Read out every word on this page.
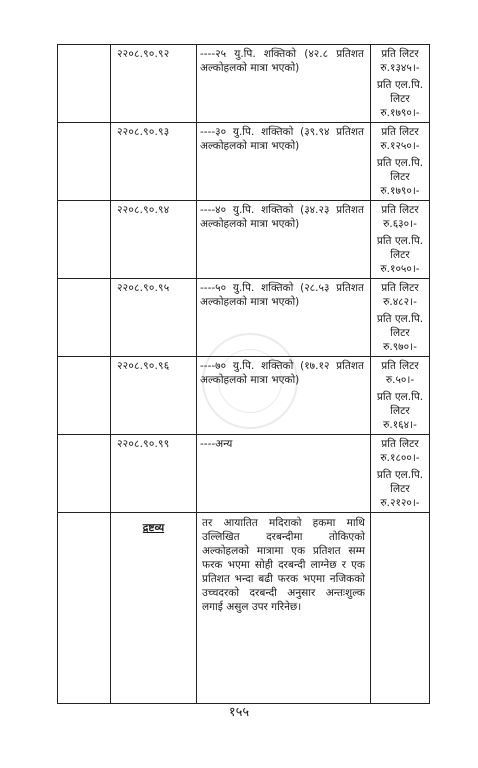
	२२०८.९०.९२	----२५ यु.पि. शक्तिको (४२.८ प्रतिशत अल्कोहलको मात्रा भएको)	प्रति लिटर
रु.१३४५।-
प्रति एल.पि.
लिटर
रु.१७९०।-

	२२०८.९०.९३	----३० यु.पि. शक्तिको (३९.९४ प्रतिशत अल्कोहलको मात्रा भएको)	प्रति लिटर
रु.१२५०।-
प्रति एल.पि.
लिटर
रु.१७९०।-

	२२०८.९०.९४	----४० यु.पि. शक्तिको (३४.२३ प्रतिशत अल्कोहलको मात्रा भएको)	प्रति लिटर
रु.६३०।-
प्रति एल.पि.
लिटर
रु.१०५०।-

	२२०८.९०.९५	----५० यु.पि. शक्तिको (२८.५३ प्रतिशत अल्कोहलको मात्रा भएको)	प्रति लिटर
रु.४८२।-
प्रति एल.पि.
लिटर
रु.९७०।-

	२२०८.९०.९६	----७० यु.पि. शक्तिको (१७.१२ प्रतिशत अल्कोहलको मात्रा भएको)	प्रति लिटर
रु.५०।-
प्रति एल.पि.
लिटर
रु.१६४।-

	२२०८.९०.९९	----अन्य	प्रति लिटर
रु.१८००।-
प्रति एल.पि.
लिटर
रु.२१२०।-

	द्रष्टव्य	तर आयातित मदिराको हकमा माथि उल्लिखित दरबन्दीमा तोकिएको अल्कोहलको मात्रामा एक प्रतिशत सम्म फरक भएमा सोही दरबन्दी लाग्नेछ र एक प्रतिशत भन्दा बढी फरक भएमा नजिकको उच्चदरको दरबन्दी अनुसार अन्तःशुल्क लगाई असुल उपर गरिनेछ।	
१५५
